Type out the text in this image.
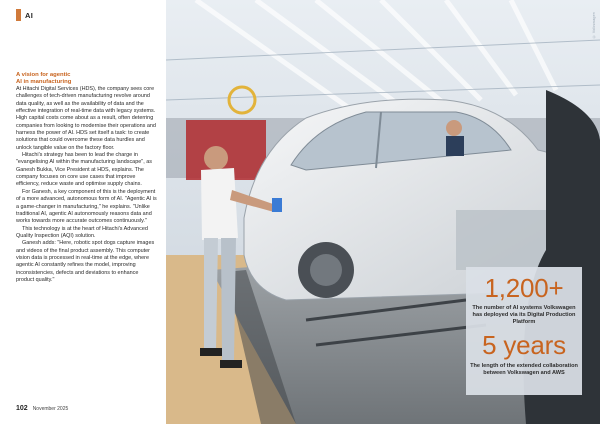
AI
A vision for agentic
AI in manufacturing

At Hitachi Digital Services (HDS), the company sees core challenges of tech-driven manufacturing revolve around data quality, as well as the availability of data and the effective integration of real-time data with legacy systems. High capital costs come about as a result, often deterring companies from looking to modernise their operations and harness the power of AI. HDS set itself a task: to create solutions that could overcome these data hurdles and unlock tangible value on the factory floor.

Hitachi's strategy has been to lead the charge in "evangelising AI within the manufacturing landscape", as Ganesh Bukka, Vice President at HDS, explains. The company focuses on core use cases that improve efficiency, reduce waste and optimise supply chains.

For Ganesh, a key component of this is the deployment of a more advanced, autonomous form of AI. "Agentic AI is a game-changer in manufacturing," he explains. "Unlike traditional AI, agentic AI autonomously reasons data and works towards more accurate outcomes continuously."

This technology is at the heart of Hitachi's Advanced Quality Inspection (AQI) solution.

Ganesh adds: "Here, robotic spot dogs capture images and videos of the final product assembly. This computer vision data is processed in real-time at the edge, where agentic AI constantly refines the model, improving inconsistencies, defects and deviations to enhance product quality."

102 November 2025
© Volkswagen
1,200+
The number of AI systems Volkswagen has deployed via its Digital Production Platform
5 years
The length of the extended collaboration between Volkswagen and AWS
